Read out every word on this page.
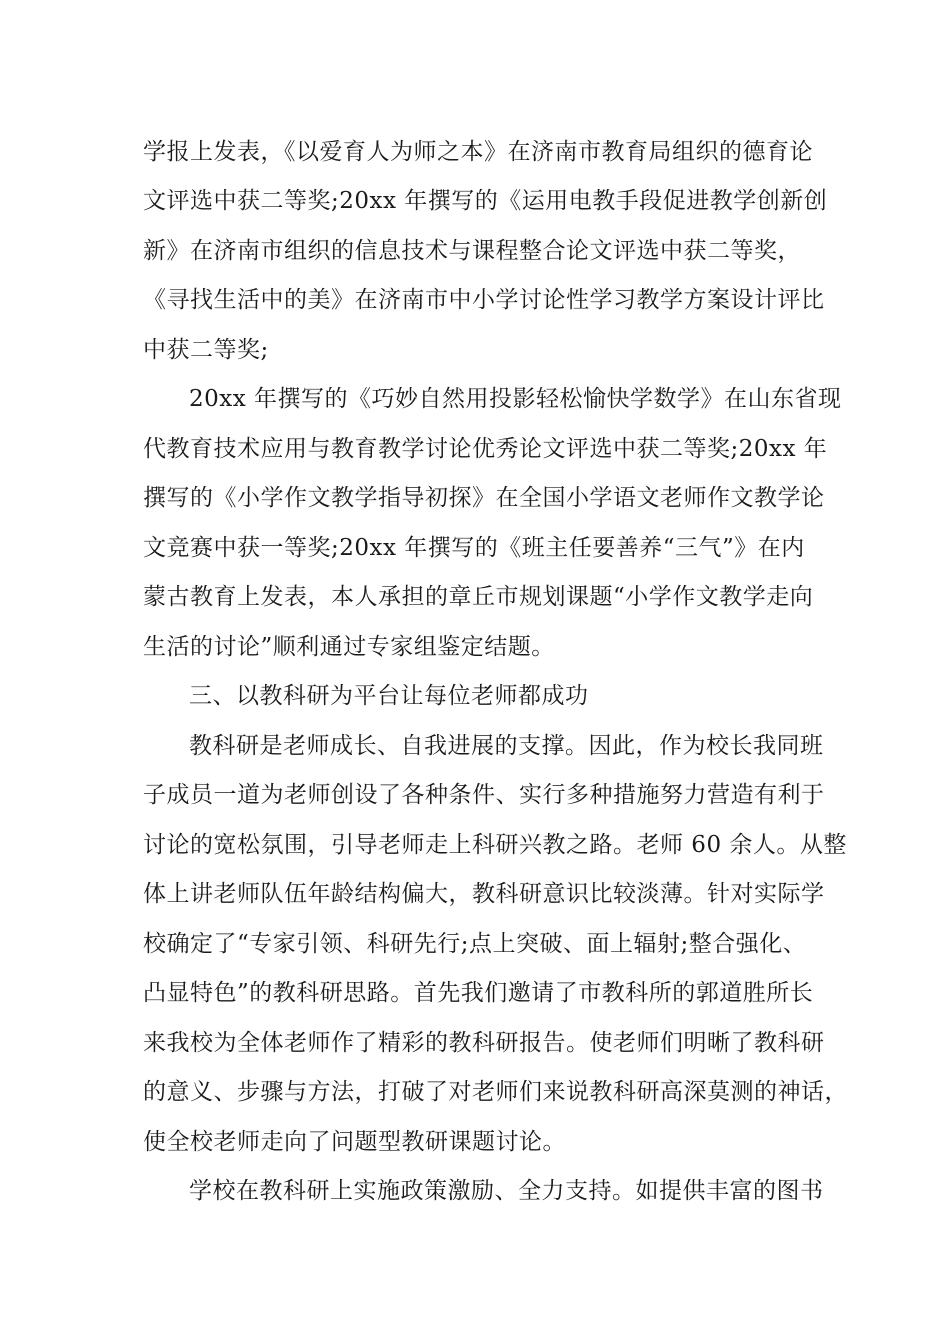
学报上发表，《以爱育人为师之本》在济南市教育局组织的德育论
文评选中获二等奖;20xx 年撰写的《运用电教手段促进教学创新创
新》在济南市组织的信息技术与课程整合论文评选中获二等奖，
《寻找生活中的美》在济南市中小学讨论性学习教学方案设计评比
中获二等奖;
20xx 年撰写的《巧妙自然用投影轻松愉快学数学》在山东省现
代教育技术应用与教育教学讨论优秀论文评选中获二等奖;20xx 年
撰写的《小学作文教学指导初探》在全国小学语文老师作文教学论
文竞赛中获一等奖;20xx 年撰写的《班主任要善养“三气”》在内
蒙古教育上发表，本人承担的章丘市规划课题“小学作文教学走向
生活的讨论”顺利通过专家组鉴定结题。
三、以教科研为平台让每位老师都成功
教科研是老师成长、自我进展的支撑。因此，作为校长我同班
子成员一道为老师创设了各种条件、实行多种措施努力营造有利于
讨论的宽松氛围，引导老师走上科研兴教之路。老师 60 余人。从整
体上讲老师队伍年龄结构偏大，教科研意识比较淡薄。针对实际学
校确定了“专家引领、科研先行;点上突破、面上辐射;整合强化、
凸显特色”的教科研思路。首先我们邀请了市教科所的郭道胜所长
来我校为全体老师作了精彩的教科研报告。使老师们明晰了教科研
的意义、步骤与方法，打破了对老师们来说教科研高深莫测的神话，
使全校老师走向了问题型教研课题讨论。
学校在教科研上实施政策激励、全力支持。如提供丰富的图书
